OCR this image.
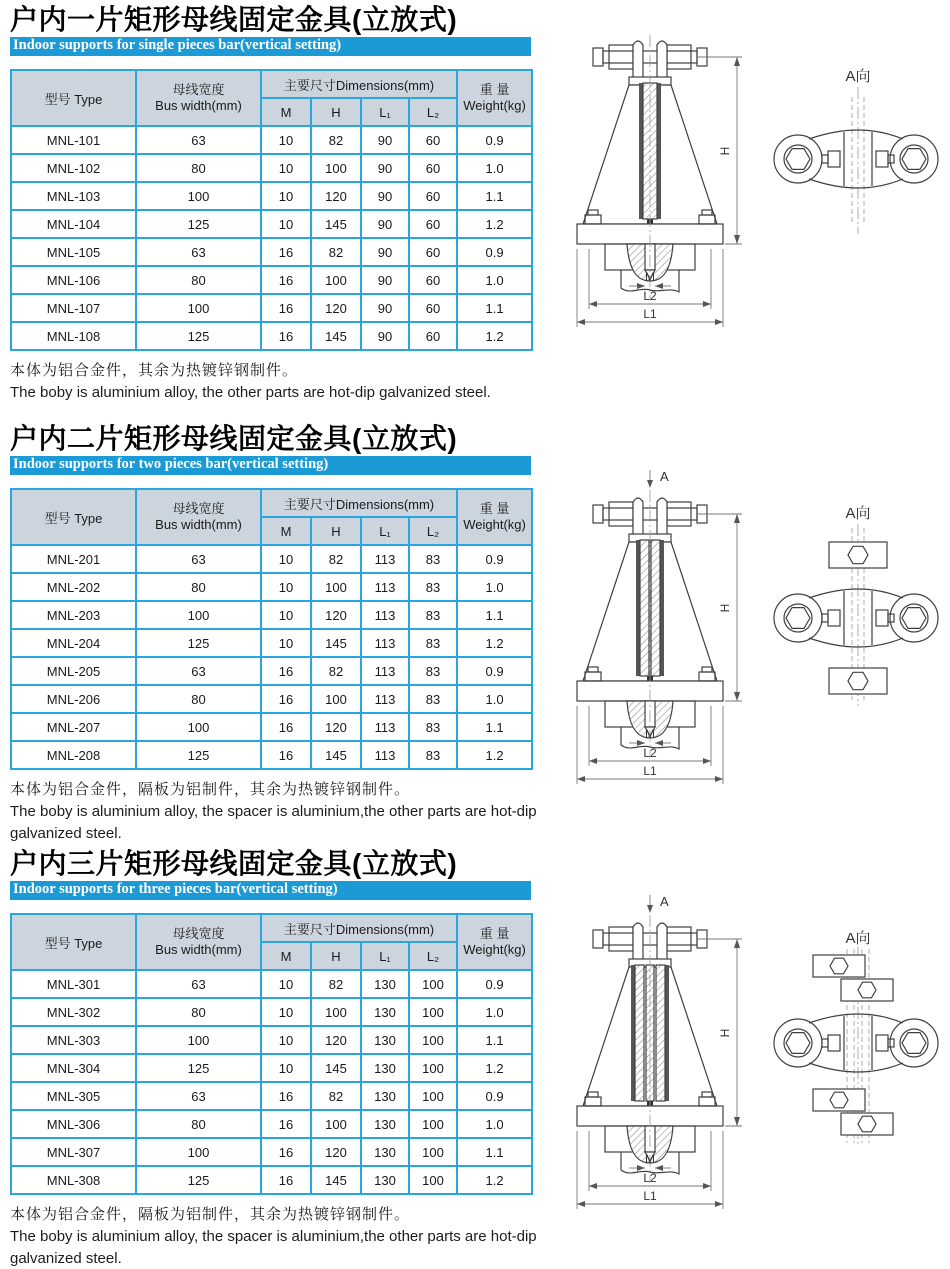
户内一片矩形母线固定金具(立放式)
Indoor supports for single pieces bar(vertical setting)
型号 Type	
母线宽度
Bus width(mm)
	主要尺寸Dimensions(mm)	重 量
Weight(kg)

		M	H	L₁	L₂	
MNL-101	63	10	82	90	60	0.9
MNL-102	80	10	100	90	60	1.0
MNL-103	100	10	120	90	60	1.1
MNL-104	125	10	145	90	60	1.2
MNL-105	63	16	82	90	60	0.9
MNL-106	80	16	100	90	60	1.0
MNL-107	100	16	120	90	60	1.1
MNL-108	125	16	145	90	60	1.2
本体为铝合金件，其余为热镀锌钢制件。
The boby is aluminium alloy, the other parts are hot-dip galvanized steel.
H
M
L2
L1
A向
户内二片矩形母线固定金具(立放式)
Indoor supports for two pieces bar(vertical setting)
型号 Type	
母线宽度
Bus width(mm)
	主要尺寸Dimensions(mm)	重 量
Weight(kg)

		M	H	L₁	L₂	
MNL-201	63	10	82	113	83	0.9
MNL-202	80	10	100	113	83	1.0
MNL-203	100	10	120	113	83	1.1
MNL-204	125	10	145	113	83	1.2
MNL-205	63	16	82	113	83	0.9
MNL-206	80	16	100	113	83	1.0
MNL-207	100	16	120	113	83	1.1
MNL-208	125	16	145	113	83	1.2
本体为铝合金件，隔板为铝制件，其余为热镀锌钢制件。
The boby is aluminium alloy, the spacer is aluminium,the other parts are hot-dip galvanized steel.
A
H
M
L2
L1
A向
户内三片矩形母线固定金具(立放式)
Indoor supports for three pieces bar(vertical setting)
型号 Type	
母线宽度
Bus width(mm)
	主要尺寸Dimensions(mm)	重 量
Weight(kg)

		M	H	L₁	L₂	
MNL-301	63	10	82	130	100	0.9
MNL-302	80	10	100	130	100	1.0
MNL-303	100	10	120	130	100	1.1
MNL-304	125	10	145	130	100	1.2
MNL-305	63	16	82	130	100	0.9
MNL-306	80	16	100	130	100	1.0
MNL-307	100	16	120	130	100	1.1
MNL-308	125	16	145	130	100	1.2
本体为铝合金件，隔板为铝制件，其余为热镀锌钢制件。
The boby is aluminium alloy, the spacer is aluminium,the other parts are hot-dip galvanized steel.
A
H
M
L2
L1
A向
